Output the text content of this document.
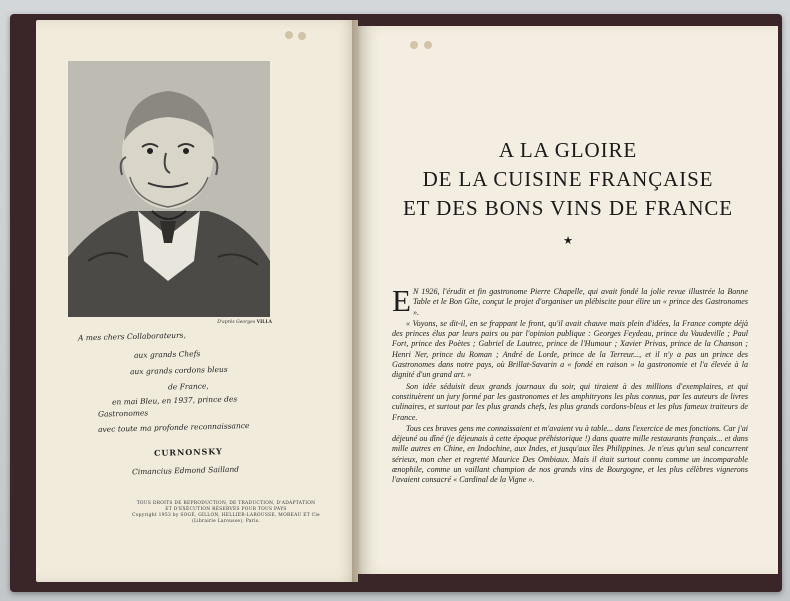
D'après Georges VILLA
A mes chers Collaborateurs,
aux grands Chefs
aux grands cordons bleus
de France,
en mai Bleu, en 1937, prince des
Gastronomes
avec toute ma profonde reconnaissance
CURNONSKY
Cimancius Edmond Sailland
TOUS DROITS DE REPRODUCTION, DE TRADUCTION, D'ADAPTATION
ET D'EXÉCUTION RÉSERVÉS POUR TOUS PAYS
Copyright 1953 by SOGÉ, GILLON, HELLIER-LAROUSSE, MOREAU ET Cie
(Librairie Larousse), Paris.
A LA GLOIRE
DE LA CUISINE FRANÇAISE
ET DES BONS VINS DE FRANCE
★

E N 1926, l'érudit et fin gastronome Pierre Chapelle, qui avait fondé la jolie revue illustrée la Bonne Table et le Bon Gîte, conçut le projet d'organiser un plébiscite pour élire un « prince des Gastronomes ».

« Voyons, se dit-il, en se frappant le front, qu'il avait chauve mais plein d'idées, la France compte déjà des princes élus par leurs pairs ou par l'opinion publique : Georges Feydeau, prince du Vaudeville ; Paul Fort, prince des Poètes ; Gabriel de Lautrec, prince de l'Humour ; Xavier Privas, prince de la Chanson ; Henri Ner, prince du Roman ; André de Lorde, prince de la Terreur..., et il n'y a pas un prince des Gastronomes dans notre pays, où Brillat-Savarin a « fondé en raison » la gastronomie et l'a élevée à la dignité d'un grand art. »

Son idée séduisit deux grands journaux du soir, qui tiraient à des millions d'exemplaires, et qui constituèrent un jury formé par les gastronomes et les amphitryons les plus connus, par les auteurs de livres culinaires, et surtout par les plus grands chefs, les plus grands cordons-bleus et les plus fameux traiteurs de France.

Tous ces braves gens me connaissaient et m'avaient vu à table... dans l'exercice de mes fonctions. Car j'ai déjeuné ou dîné (je déjeunais à cette époque préhistorique !) dans quatre mille restaurants français... et dans mille autres en Chine, en Indochine, aux Indes, et jusqu'aux îles Philippines. Je n'eus qu'un seul concurrent sérieux, mon cher et regretté Maurice Des Ombiaux. Mais il était surtout connu comme un incomparable œnophile, comme un vaillant champion de nos grands vins de Bourgogne, et les plus célèbres vignerons l'avaient consacré « Cardinal de la Vigne ».
